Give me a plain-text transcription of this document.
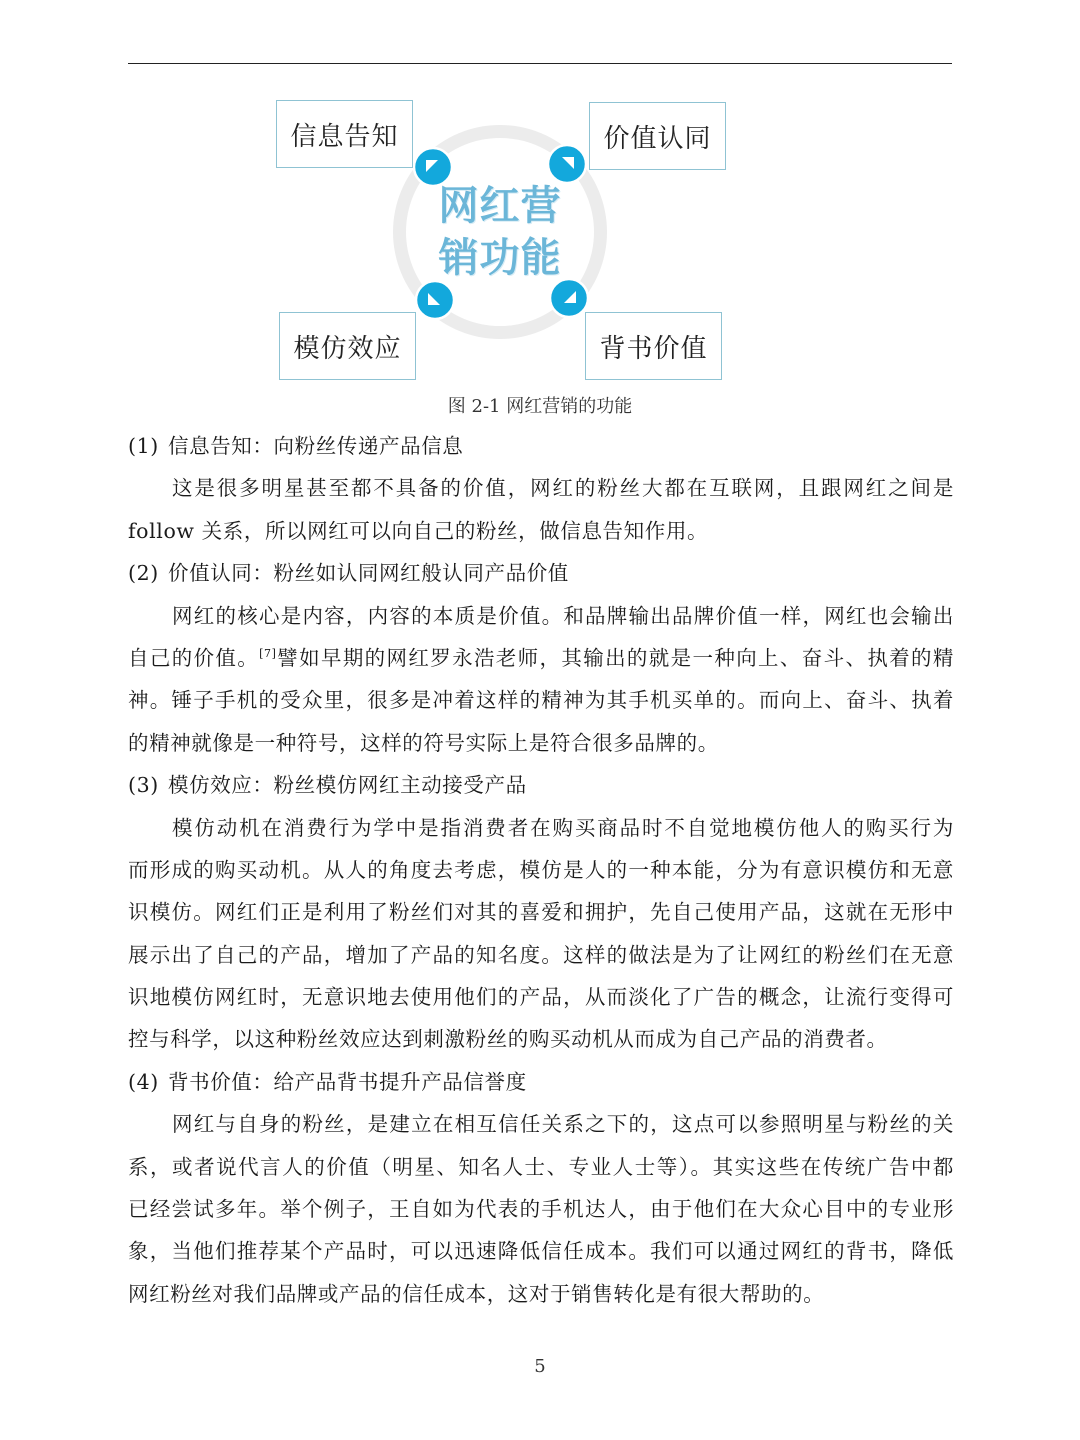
网红营
销功能
信息告知	价值认同
模仿效应	背书价值
图 2-1 网红营销的功能
(1) 信息告知：向粉丝传递产品信息
这是很多明星甚至都不具备的价值，网红的粉丝大都在互联网，且跟网红之间是
follow 关系，所以网红可以向自己的粉丝，做信息告知作用。
(2) 价值认同：粉丝如认同网红般认同产品价值
网红的核心是内容，内容的本质是价值。和品牌输出品牌价值一样，网红也会输出
自己的价值。[7]譬如早期的网红罗永浩老师，其输出的就是一种向上、奋斗、执着的精
神。锤子手机的受众里，很多是冲着这样的精神为其手机买单的。而向上、奋斗、执着
的精神就像是一种符号，这样的符号实际上是符合很多品牌的。
(3) 模仿效应：粉丝模仿网红主动接受产品
模仿动机在消费行为学中是指消费者在购买商品时不自觉地模仿他人的购买行为
而形成的购买动机。从人的角度去考虑，模仿是人的一种本能，分为有意识模仿和无意
识模仿。网红们正是利用了粉丝们对其的喜爱和拥护，先自己使用产品，这就在无形中
展示出了自己的产品，增加了产品的知名度。这样的做法是为了让网红的粉丝们在无意
识地模仿网红时，无意识地去使用他们的产品，从而淡化了广告的概念，让流行变得可
控与科学，以这种粉丝效应达到刺激粉丝的购买动机从而成为自己产品的消费者。
(4) 背书价值：给产品背书提升产品信誉度
网红与自身的粉丝，是建立在相互信任关系之下的，这点可以参照明星与粉丝的关
系，或者说代言人的价值（明星、知名人士、专业人士等）。其实这些在传统广告中都
已经尝试多年。举个例子，王自如为代表的手机达人，由于他们在大众心目中的专业形
象，当他们推荐某个产品时，可以迅速降低信任成本。我们可以通过网红的背书，降低
网红粉丝对我们品牌或产品的信任成本，这对于销售转化是有很大帮助的。
5
